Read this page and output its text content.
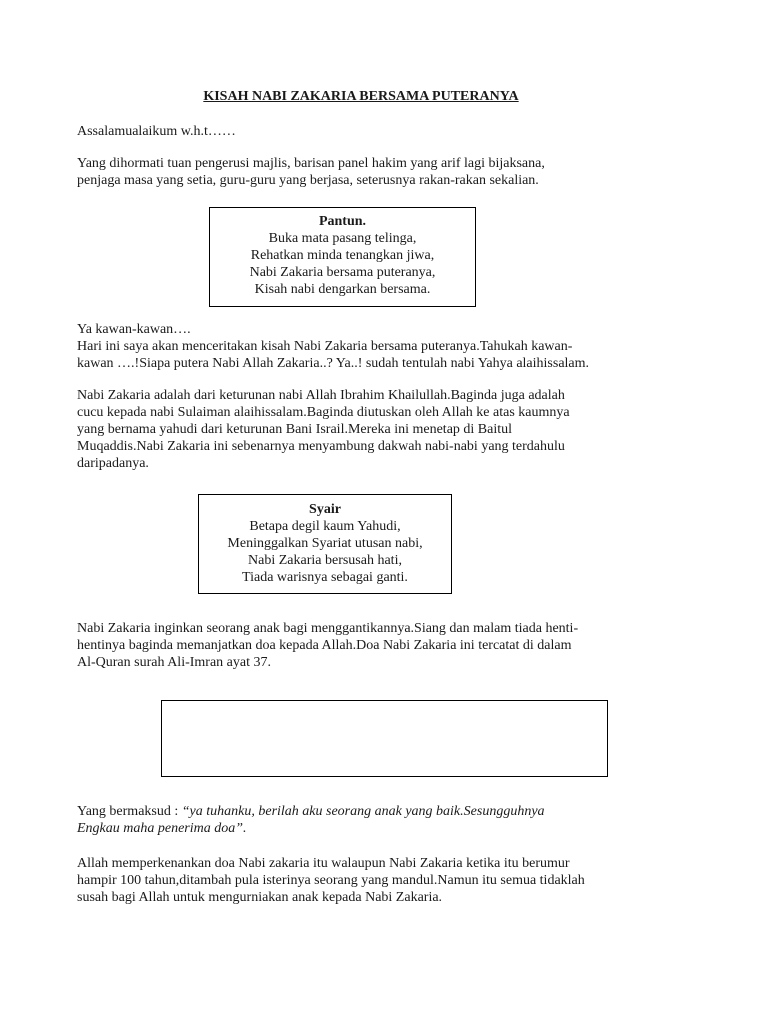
KISAH NABI ZAKARIA BERSAMA PUTERANYA

Assalamualaikum w.h.t……

Yang dihormati tuan pengerusi majlis, barisan panel hakim yang arif lagi bijaksana,
penjaga masa yang setia, guru-guru yang berjasa, seterusnya rakan-rakan sekalian.

Pantun.
Buka mata pasang telinga,
Rehatkan minda tenangkan jiwa,
Nabi Zakaria bersama puteranya,
Kisah nabi dengarkan bersama.

Ya kawan-kawan….
Hari ini saya akan menceritakan kisah Nabi Zakaria bersama puteranya.Tahukah kawan-
kawan ….!Siapa putera Nabi Allah Zakaria..? Ya..! sudah tentulah nabi Yahya alaihissalam.

Nabi Zakaria adalah dari keturunan nabi Allah Ibrahim Khailullah.Baginda juga adalah
cucu kepada nabi Sulaiman alaihissalam.Baginda diutuskan oleh Allah ke atas kaumnya
yang bernama yahudi dari keturunan Bani Israil.Mereka ini menetap di Baitul
Muqaddis.Nabi Zakaria ini sebenarnya menyambung dakwah nabi-nabi yang terdahulu
daripadanya.

Syair
Betapa degil kaum Yahudi,
Meninggalkan Syariat utusan nabi,
Nabi Zakaria bersusah hati,
Tiada warisnya sebagai ganti.

Nabi Zakaria inginkan seorang anak bagi menggantikannya.Siang dan malam tiada henti-
hentinya baginda memanjatkan doa kepada Allah.Doa Nabi Zakaria ini tercatat di dalam
Al-Quran surah Ali-Imran ayat 37.

Yang bermaksud : “ya tuhanku, berilah aku seorang anak yang baik.Sesungguhnya
Engkau maha penerima doa”.

Allah memperkenankan doa Nabi zakaria itu walaupun Nabi Zakaria ketika itu berumur
hampir 100 tahun,ditambah pula isterinya seorang yang mandul.Namun itu semua tidaklah
susah bagi Allah untuk mengurniakan anak kepada Nabi Zakaria.
